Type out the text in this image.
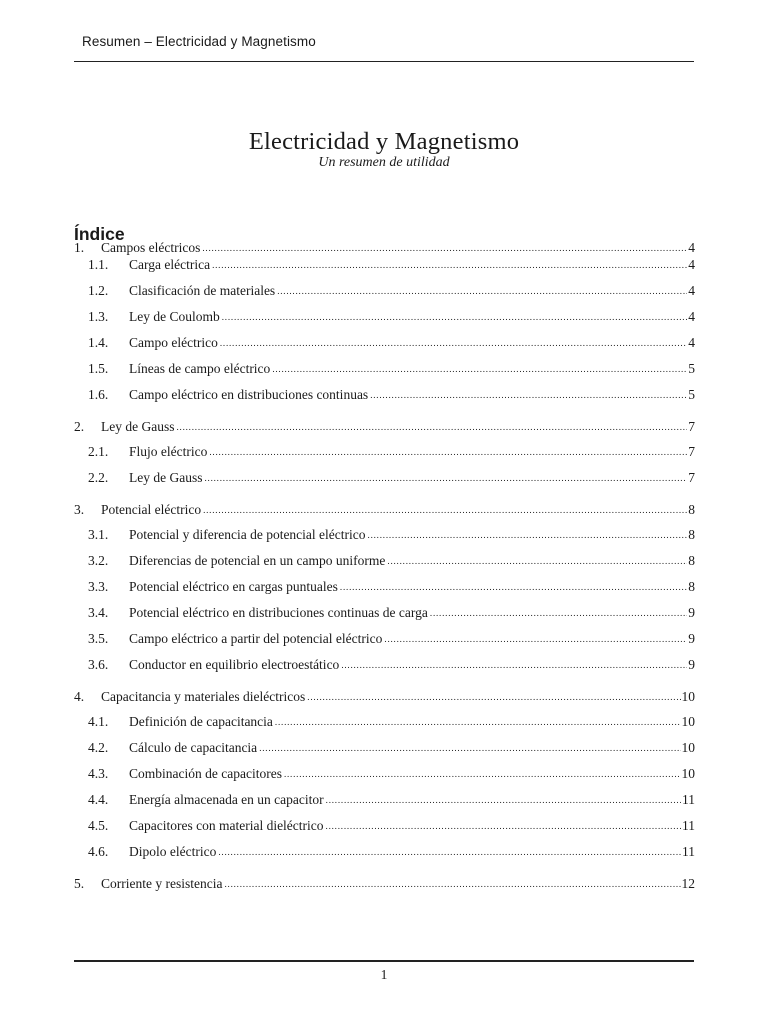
Resumen – Electricidad y Magnetismo
Electricidad y Magnetismo
Un resumen de utilidad
Índice
1.	Campos eléctricos .....	4
1.1.	Carga eléctrica .....	4
1.2.	Clasificación de materiales .....	4
1.3.	Ley de Coulomb .....	4
1.4.	Campo eléctrico .....	4
1.5.	Líneas de campo eléctrico .....	5
1.6.	Campo eléctrico en distribuciones continuas .....	5
2.	Ley de Gauss .....	7
2.1.	Flujo eléctrico .....	7
2.2.	Ley de Gauss .....	7
3.	Potencial eléctrico .....	8
3.1.	Potencial y diferencia de potencial eléctrico .....	8
3.2.	Diferencias de potencial en un campo uniforme .....	8
3.3.	Potencial eléctrico en cargas puntuales .....	8
3.4.	Potencial eléctrico en distribuciones continuas de carga .....	9
3.5.	Campo eléctrico a partir del potencial eléctrico .....	9
3.6.	Conductor en equilibrio electroestático .....	9
4.	Capacitancia y materiales dieléctricos .....	10
4.1.	Definición de capacitancia .....	10
4.2.	Cálculo de capacitancia .....	10
4.3.	Combinación de capacitores .....	10
4.4.	Energía almacenada en un capacitor .....	11
4.5.	Capacitores con material dieléctrico .....	11
4.6.	Dipolo eléctrico .....	11
5.	Corriente y resistencia .....	12
1
